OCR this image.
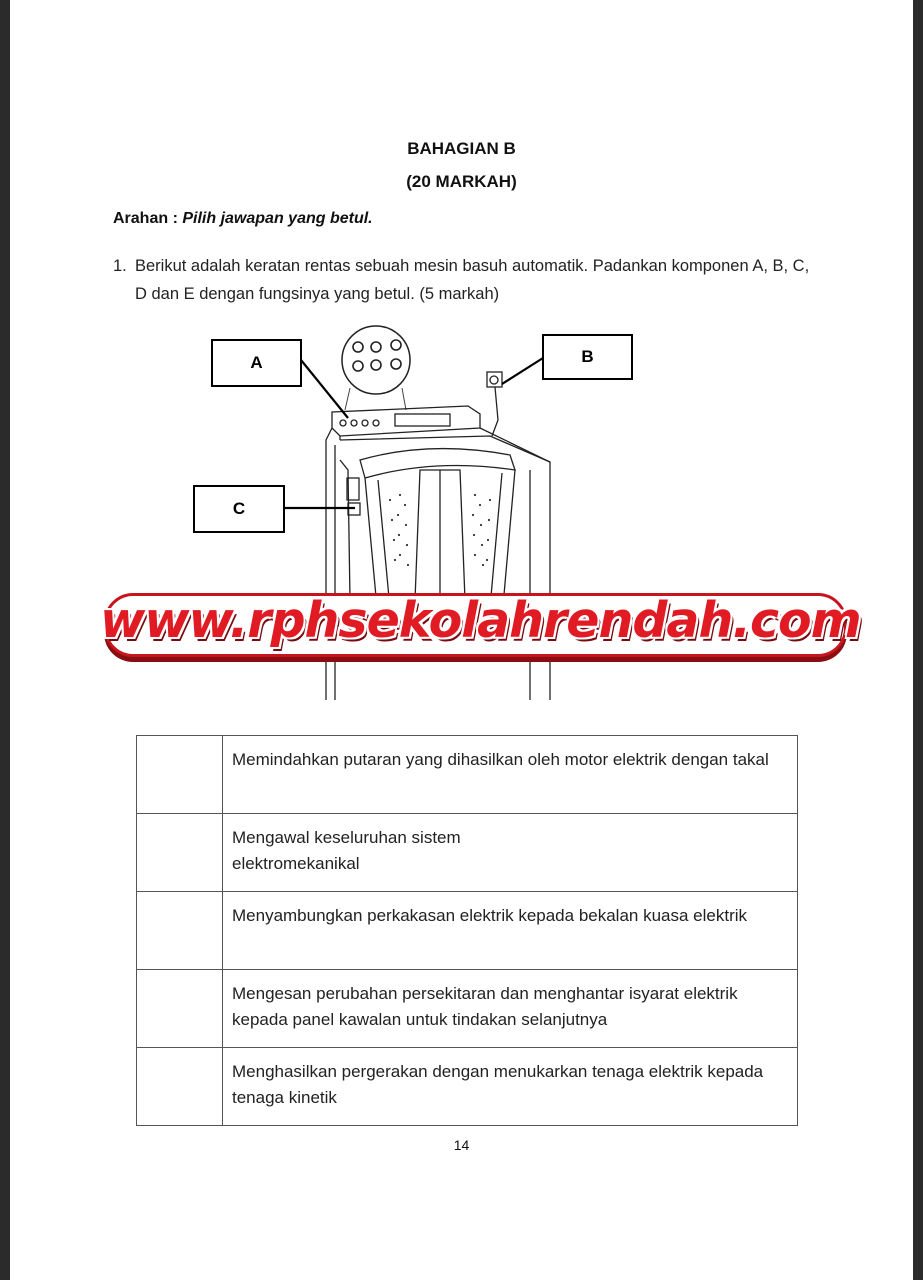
BAHAGIAN B
(20 MARKAH)
Arahan : Pilih jawapan yang betul.
1. Berikut adalah keratan rentas sebuah mesin basuh automatik. Padankan komponen A, B, C, D dan E dengan fungsinya yang betul. (5 markah)
A	B
C
www.rphsekolahrendah.com
	Memindahkan putaran yang dihasilkan oleh motor elektrik dengan takal

	Mengawal keseluruhan sistem elektromekanikal

	Menyambungkan perkakasan elektrik kepada bekalan kuasa elektrik
	Mengesan perubahan persekitaran dan menghantar isyarat elektrik kepada panel kawalan untuk tindakan selanjutnya
	Menghasilkan pergerakan dengan menukarkan tenaga elektrik kepada tenaga kinetik
14
